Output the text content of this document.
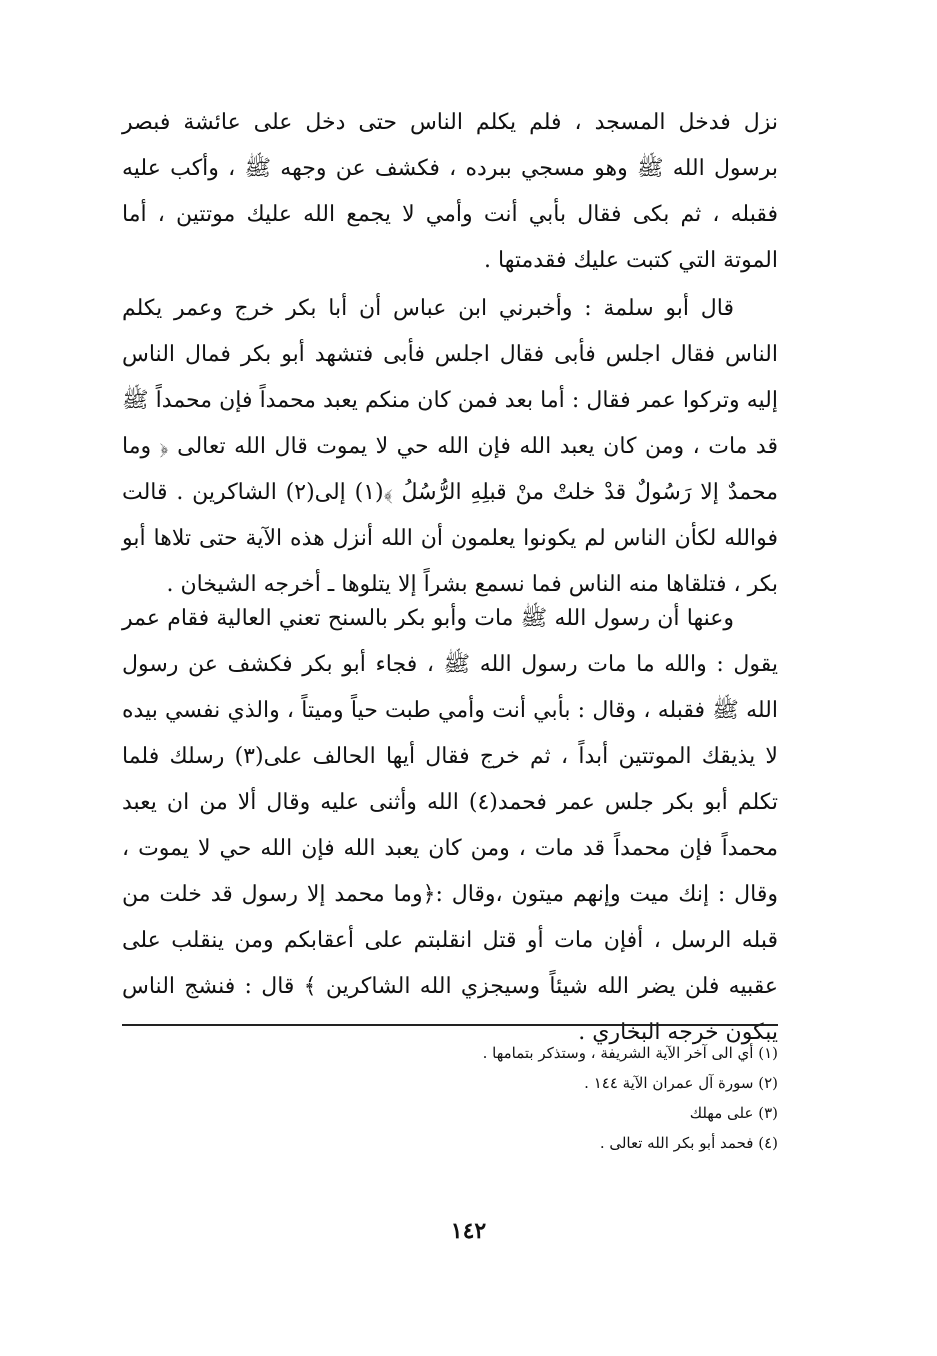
نزل فدخل المسجد ، فلم يكلم الناس حتى دخل على عائشة فبصر برسول الله ﷺ وهو مسجي ببرده ، فكشف عن وجهه ﷺ ، وأكب عليه فقبله ، ثم بكى فقال بأبي أنت وأمي لا يجمع الله عليك موتتين ، أما الموتة التي كتبت عليك فقدمتها .

قال أبو سلمة : وأخبرني ابن عباس أن أبا بكر خرج وعمر يكلم الناس فقال اجلس فأبى فقال اجلس فأبى فتشهد أبو بكر فمال الناس إليه وتركوا عمر فقال : أما بعد فمن كان منكم يعبد محمداً فإن محمداً ﷺ قد مات ، ومن كان يعبد الله فإن الله حي لا يموت قال الله تعالى ﴿ وما محمدٌ إلا رَسُولٌ قدْ خلتْ منْ قبلِهِ الرُّسُلُ ﴾(١) إلى(٢) الشاكرين . قالت فوالله لكأن الناس لم يكونوا يعلمون أن الله أنزل هذه الآية حتى تلاها أبو بكر ، فتلقاها منه الناس فما نسمع بشراً إلا يتلوها ـ أخرجه الشيخان .

وعنها أن رسول الله ﷺ مات وأبو بكر بالسنح تعني العالية فقام عمر يقول : والله ما مات رسول الله ﷺ ، فجاء أبو بكر فكشف عن رسول الله ﷺ فقبله ، وقال : بأبي أنت وأمي طبت حياً وميتاً ، والذي نفسي بيده لا يذيقك الموتتين أبداً ، ثم خرج فقال أيها الحالف على(٣) رسلك فلما تكلم أبو بكر جلس عمر فحمد(٤) الله وأثنى عليه وقال ألا من ان يعبد محمداً فإن محمداً قد مات ، ومن كان يعبد الله فإن الله حي لا يموت ، وقال : إنك ميت وإنهم ميتون ،وقال :﴿وما محمد إلا رسول قد خلت من قبله الرسل ، أفإن مات أو قتل انقلبتم على أعقابكم ومن ينقلب على عقبيه فلن يضر الله شيئاً وسيجزي الله الشاكرين ﴾ قال : فنشج الناس يبكون خرجه البخاري .

(١) أي الى آخر الآية الشريفة ، وستذكر بتمامها .

(٢) سورة آل عمران الآية ١٤٤ .

(٣) على مهلك

(٤) فحمد أبو بكر الله تعالى .

١٤٢
